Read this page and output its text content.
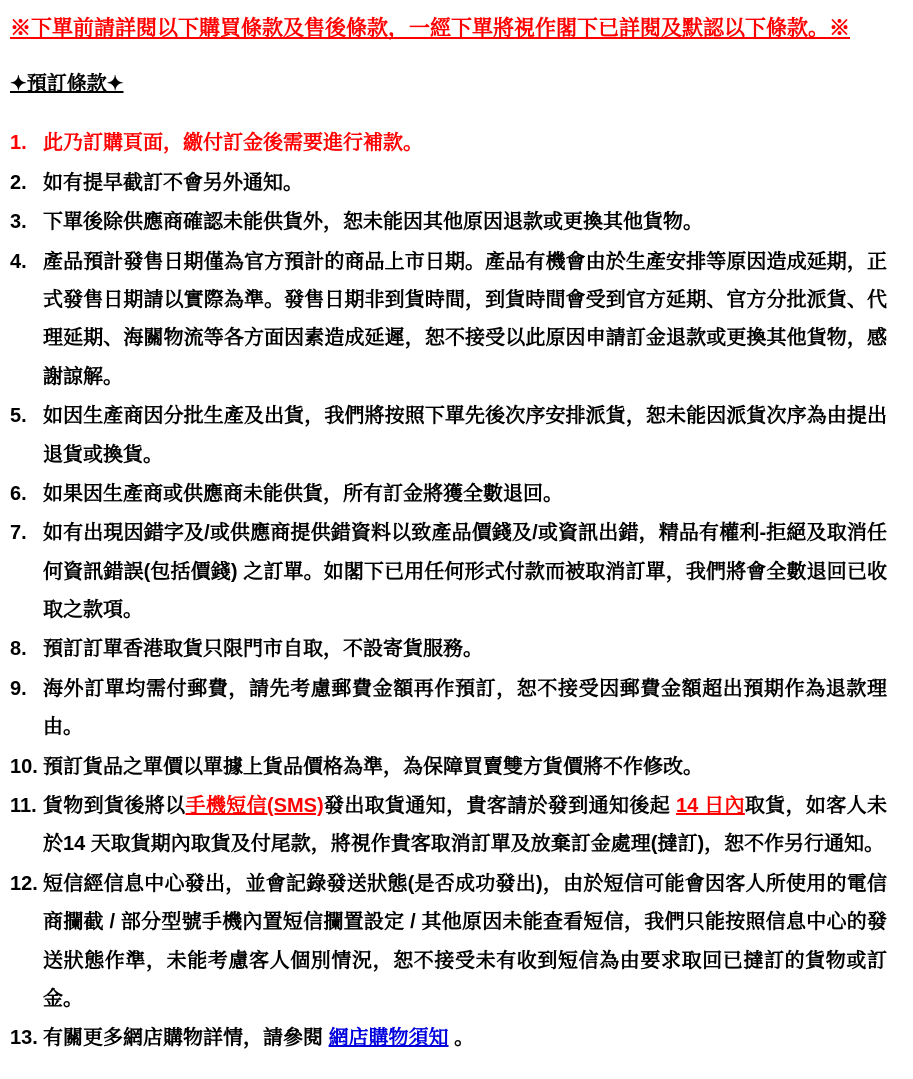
※下單前請詳閱以下購買條款及售後條款，一經下單將視作閣下已詳閱及默認以下條款。※
✦預訂條款✦
1. 此乃訂購頁面，繳付訂金後需要進行補款。
2. 如有提早截訂不會另外通知。
3. 下單後除供應商確認未能供貨外，恕未能因其他原因退款或更換其他貨物。
4. 產品預計發售日期僅為官方預計的商品上市日期。產品有機會由於生產安排等原因造成延期，正式發售日期請以實際為準。發售日期非到貨時間，到貨時間會受到官方延期、官方分批派貨、代理延期、海關物流等各方面因素造成延遲，恕不接受以此原因申請訂金退款或更換其他貨物，感謝諒解。
5. 如因生產商因分批生產及出貨，我們將按照下單先後次序安排派貨，恕未能因派貨次序為由提出退貨或換貨。
6. 如果因生產商或供應商未能供貨，所有訂金將獲全數退回。
7. 如有出現因錯字及/或供應商提供錯資料以致產品價錢及/或資訊出錯，精品有權利-拒絕及取消任何資訊錯誤(包括價錢) 之訂單。如閣下已用任何形式付款而被取消訂單，我們將會全數退回已收取之款項。
8. 預訂訂單香港取貨只限門市自取，不設寄貨服務。
9. 海外訂單均需付郵費，請先考慮郵費金額再作預訂，恕不接受因郵費金額超出預期作為退款理由。
10. 預訂貨品之單價以單據上貨品價格為準，為保障買賣雙方貨價將不作修改。
11. 貨物到貨後將以手機短信(SMS)發出取貨通知，貴客請於發到通知後起 14 日內取貨，如客人未於14 天取貨期內取貨及付尾款，將視作貴客取消訂單及放棄訂金處理(撻訂)，恕不作另行通知。
12. 短信經信息中心發出，並會記錄發送狀態(是否成功發出)，由於短信可能會因客人所使用的電信商攔截 / 部分型號手機內置短信攔置設定 / 其他原因未能查看短信，我們只能按照信息中心的發送狀態作準，未能考慮客人個別情況，恕不接受未有收到短信為由要求取回已撻訂的貨物或訂金。
13. 有關更多網店購物詳情，請參閱 網店購物須知 。
